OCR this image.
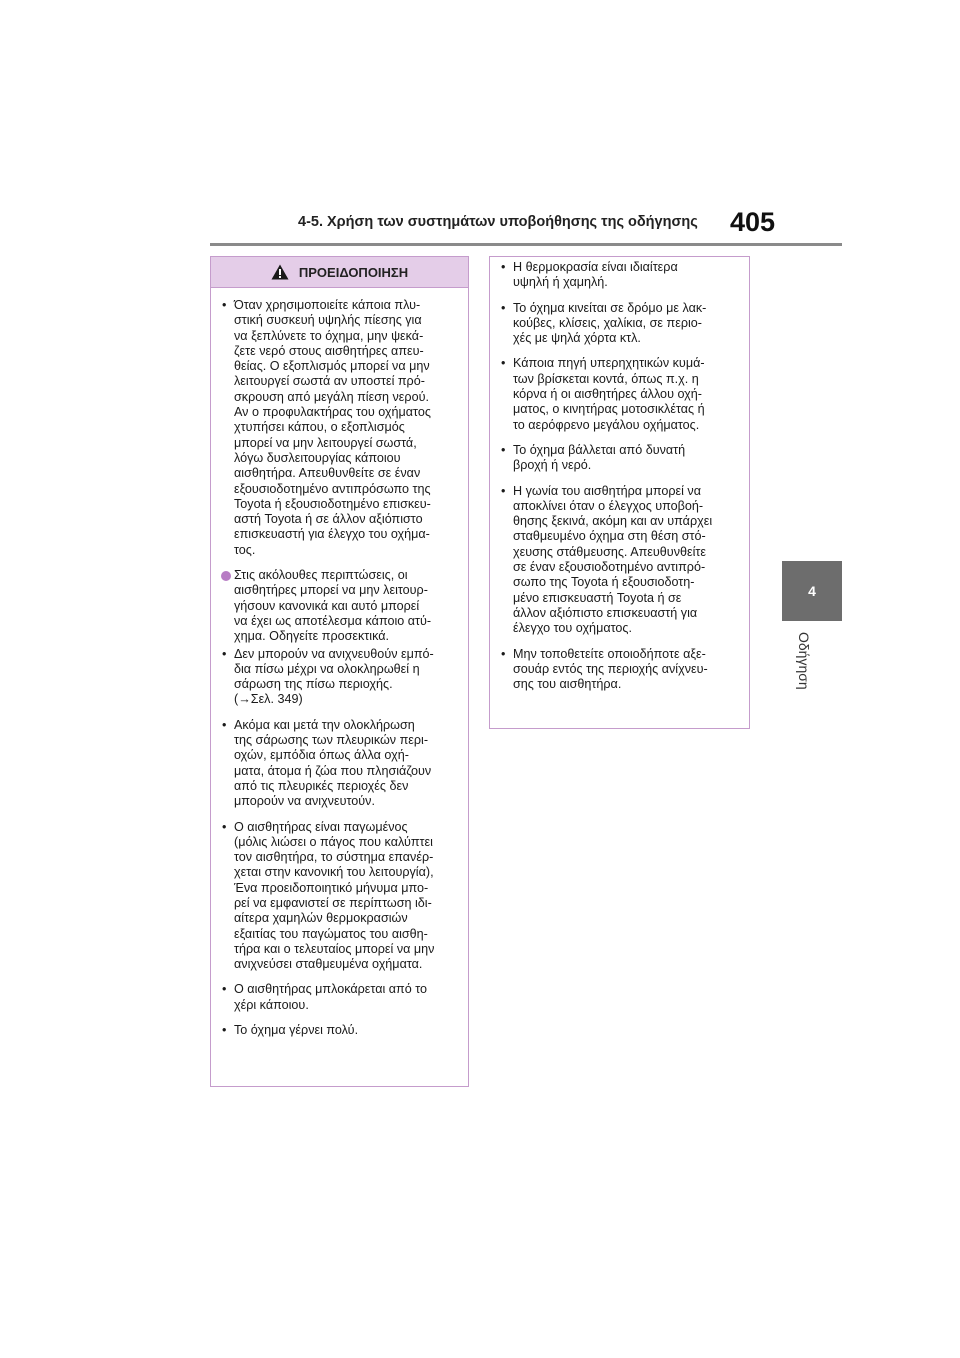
4-5. Χρήση των συστημάτων υποβοήθησης της οδήγησης 405
4
Οδήγηση
ΠΡΟΕΙΔΟΠΟΙΗΣΗ
• Όταν χρησιμοποιείτε κάποια πλυ-
στική συσκευή υψηλής πίεσης για
να ξεπλύνετε το όχημα, μην ψεκά-
ζετε νερό στους αισθητήρες απευ-
θείας. Ο εξοπλισμός μπορεί να μην
λειτουργεί σωστά αν υποστεί πρό-
σκρουση από μεγάλη πίεση νερού.
Αν ο προφυλακτήρας του οχήματος
χτυπήσει κάπου, ο εξοπλισμός
μπορεί να μην λειτουργεί σωστά,
λόγω δυσλειτουργίας κάποιου
αισθητήρα. Απευθυνθείτε σε έναν
εξουσιοδοτημένο αντιπρόσωπο της
Toyota ή εξουσιοδοτημένο επισκευ-
αστή Toyota ή σε άλλον αξιόπιστο
επισκευαστή για έλεγχο του οχήμα-
τος.
Στις ακόλουθες περιπτώσεις, οι
αισθητήρες μπορεί να μην λειτουρ-
γήσουν κανονικά και αυτό μπορεί
να έχει ως αποτέλεσμα κάποιο ατύ-
χημα. Οδηγείτε προσεκτικά.
• Δεν μπορούν να ανιχνευθούν εμπό-
δια πίσω μέχρι να ολοκληρωθεί η
σάρωση της πίσω περιοχής.
(→Σελ. 349)
• Ακόμα και μετά την ολοκλήρωση
της σάρωσης των πλευρικών περι-
οχών, εμπόδια όπως άλλα οχή-
ματα, άτομα ή ζώα που πλησιάζουν
από τις πλευρικές περιοχές δεν
μπορούν να ανιχνευτούν.
• Ο αισθητήρας είναι παγωμένος
(μόλις λιώσει ο πάγος που καλύπτει
τον αισθητήρα, το σύστημα επανέρ-
χεται στην κανονική του λειτουργία),
Ένα προειδοποιητικό μήνυμα μπο-
ρεί να εμφανιστεί σε περίπτωση ιδι-
αίτερα χαμηλών θερμοκρασιών
εξαιτίας του παγώματος του αισθη-
τήρα και ο τελευταίος μπορεί να μην
ανιχνεύσει σταθμευμένα οχήματα.
• Ο αισθητήρας μπλοκάρεται από το
χέρι κάποιου.
• Το όχημα γέρνει πολύ.
• Η θερμοκρασία είναι ιδιαίτερα
υψηλή ή χαμηλή.
• Το όχημα κινείται σε δρόμο με λακ-
κούβες, κλίσεις, χαλίκια, σε περιο-
χές με ψηλά χόρτα κτλ.
• Κάποια πηγή υπερηχητικών κυμά-
των βρίσκεται κοντά, όπως π.χ. η
κόρνα ή οι αισθητήρες άλλου οχή-
ματος, ο κινητήρας μοτοσικλέτας ή
το αερόφρενο μεγάλου οχήματος.
• Το όχημα βάλλεται από δυνατή
βροχή ή νερό.
• Η γωνία του αισθητήρα μπορεί να
αποκλίνει όταν ο έλεγχος υποβοή-
θησης ξεκινά, ακόμη και αν υπάρχει
σταθμευμένο όχημα στη θέση στό-
χευσης στάθμευσης. Απευθυνθείτε
σε έναν εξουσιοδοτημένο αντιπρό-
σωπο της Toyota ή εξουσιοδοτη-
μένο επισκευαστή Toyota ή σε
άλλον αξιόπιστο επισκευαστή για
έλεγχο του οχήματος.
• Μην τοποθετείτε οποιοδήποτε αξε-
σουάρ εντός της περιοχής ανίχνευ-
σης του αισθητήρα.
